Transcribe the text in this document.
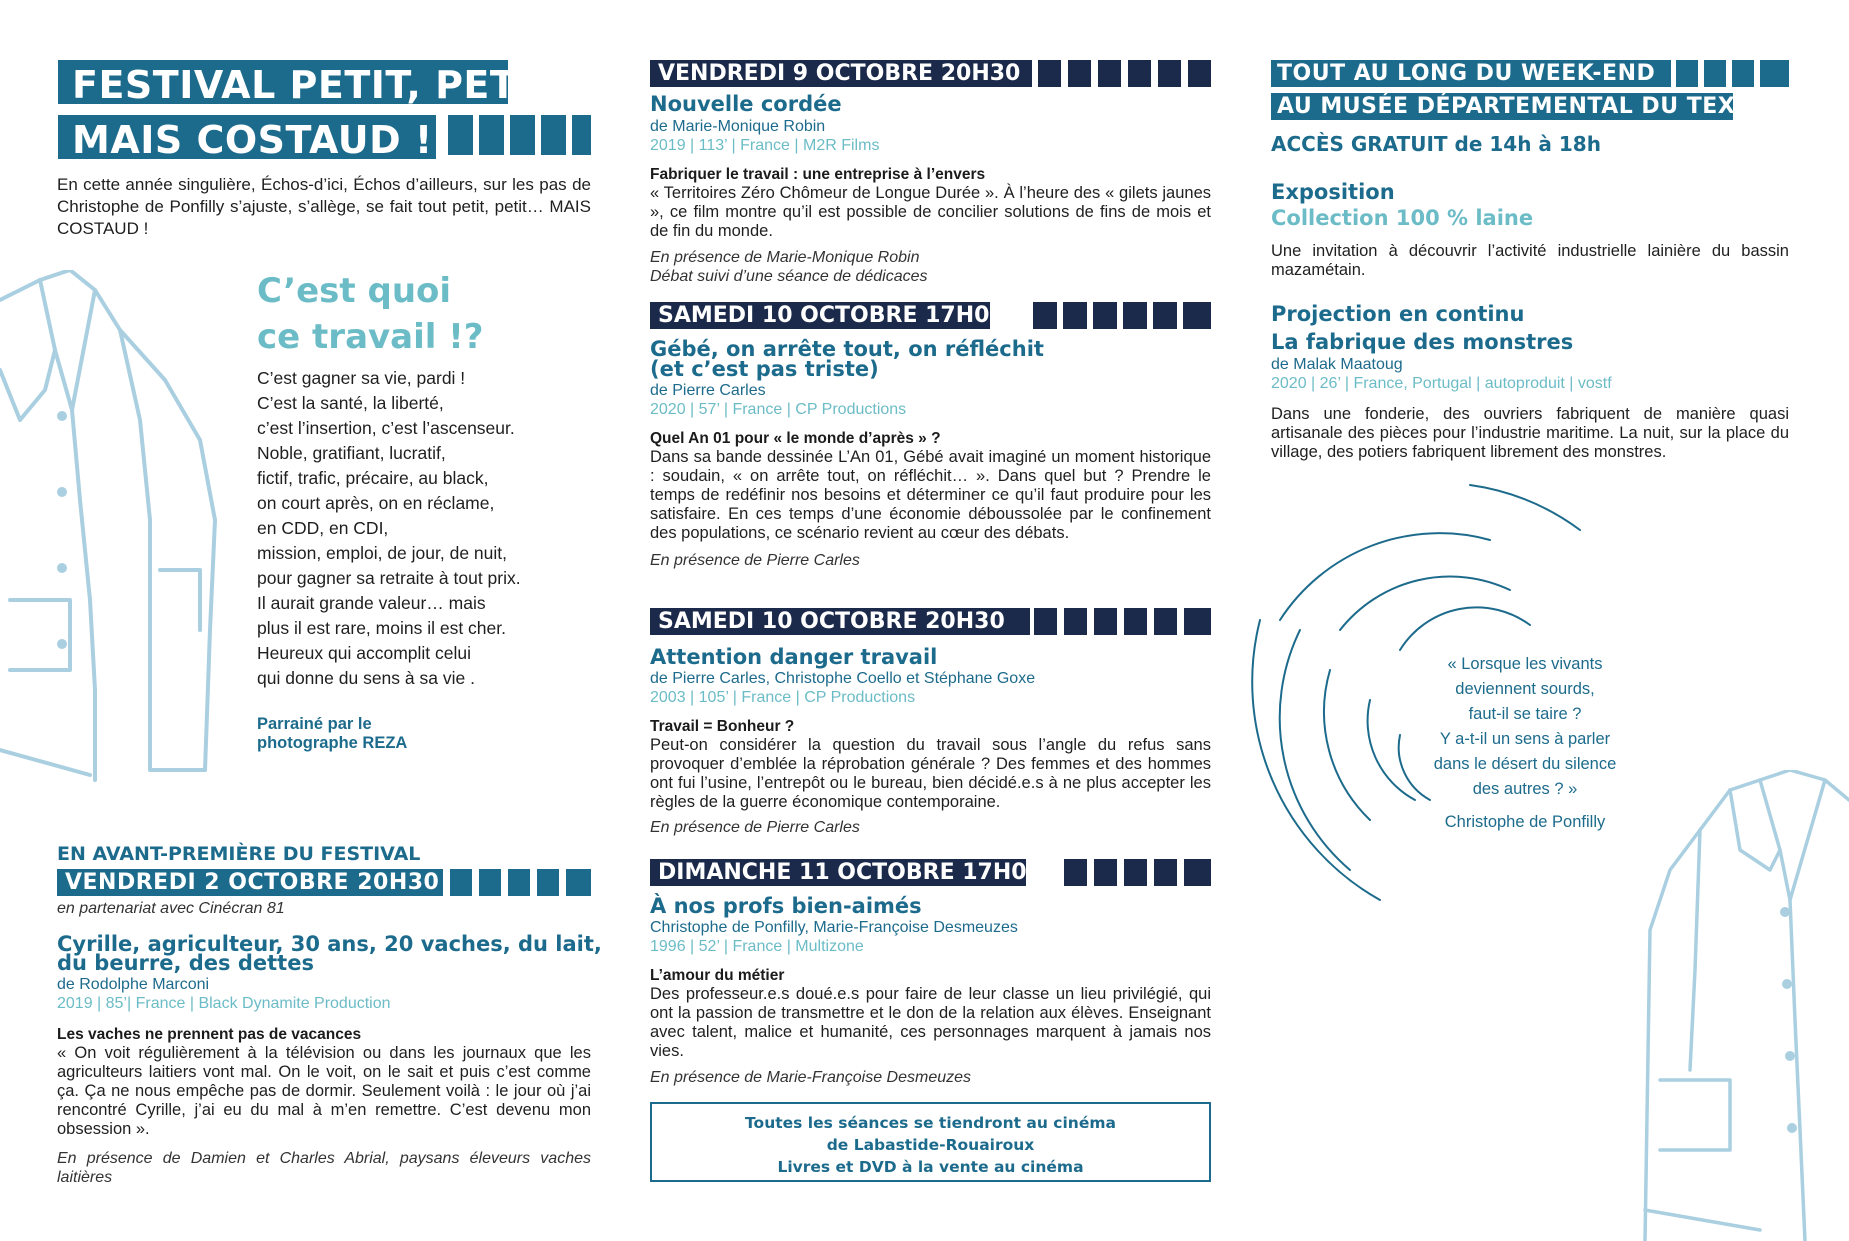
FESTIVAL PETIT, PETIT,
MAIS COSTAUD !
En cette année singulière, Échos-d’ici, Échos d’ailleurs, sur les pas de Christophe de Ponfilly s’ajuste, s’allège, se fait tout petit, petit… MAIS COSTAUD !
C’est quoi
ce travail !?
C’est gagner sa vie, pardi !
C’est la santé, la liberté,
c’est l’insertion, c’est l’ascenseur.
Noble, gratifiant, lucratif,
fictif, trafic, précaire, au black,
on court après, on en réclame,
en CDD, en CDI,
mission, emploi, de jour, de nuit,
pour gagner sa retraite à tout prix.
Il aurait grande valeur… mais
plus il est rare, moins il est cher.
Heureux qui accomplit celui
qui donne du sens à sa vie .
Parrainé par le
photographe REZA
EN AVANT-PREMIÈRE DU FESTIVAL
VENDREDI 2 OCTOBRE 20H30
en partenariat avec Cinécran 81
Cyrille, agriculteur, 30 ans, 20 vaches, du lait,
du beurre, des dettes
de Rodolphe Marconi
2019 | 85’| France | Black Dynamite Production
Les vaches ne prennent pas de vacances
« On voit régulièrement à la télévision ou dans les journaux que les agriculteurs laitiers vont mal. On le voit, on le sait et puis c’est comme ça. Ça ne nous empêche pas de dormir. Seulement voilà : le jour où j’ai rencontré Cyrille, j’ai eu du mal à m’en remettre. C’est devenu mon obsession ».
En présence de Damien et Charles Abrial, paysans éleveurs vaches laitières
VENDREDI 9 OCTOBRE 20H30
Nouvelle cordée
de Marie-Monique Robin
2019 | 113’ | France | M2R Films
Fabriquer le travail : une entreprise à l’envers
« Territoires Zéro Chômeur de Longue Durée ». À l’heure des « gilets jaunes », ce film montre qu’il est possible de concilier solutions de fins de mois et de fin du monde.
En présence de Marie-Monique Robin
Débat suivi d’une séance de dédicaces
SAMEDI 10 OCTOBRE 17H00
Gébé, on arrête tout, on réfléchit
(et c’est pas triste)
de Pierre Carles
2020 | 57’ | France | CP Productions
Quel An 01 pour « le monde d’après » ?
Dans sa bande dessinée L’An 01, Gébé avait imaginé un moment historique : soudain, « on arrête tout, on réfléchit… ». Dans quel but ? Prendre le temps de redéfinir nos besoins et déterminer ce qu’il faut produire pour les satisfaire. En ces temps d’une économie déboussolée par le confinement des populations, ce scénario revient au cœur des débats.
En présence de Pierre Carles
SAMEDI 10 OCTOBRE 20H30
Attention danger travail
de Pierre Carles, Christophe Coello et Stéphane Goxe
2003 | 105’ | France | CP Productions
Travail = Bonheur ?
Peut-on considérer la question du travail sous l’angle du refus sans provoquer d’emblée la réprobation générale ? Des femmes et des hommes ont fui l’usine, l’entrepôt ou le bureau, bien décidé.e.s à ne plus accepter les règles de la guerre économique contemporaine.
En présence de Pierre Carles
DIMANCHE 11 OCTOBRE 17H00
À nos profs bien-aimés
Christophe de Ponfilly, Marie-Françoise Desmeuzes
1996 | 52’ | France | Multizone
L’amour du métier
Des professeur.e.s doué.e.s pour faire de leur classe un lieu privilégié, qui ont la passion de transmettre et le don de la relation aux élèves. Enseignant avec talent, malice et humanité, ces personnages marquent à jamais nos vies.
En présence de Marie-Françoise Desmeuzes
Toutes les séances se tiendront au cinéma
de Labastide-Rouairoux
Livres et DVD à la vente au cinéma
TOUT AU LONG DU WEEK-END
AU MUSÉE DÉPARTEMENTAL DU TEXTILE
ACCÈS GRATUIT de 14h à 18h
Exposition
Collection 100 % laine
Une invitation à découvrir l’activité industrielle lainière du bassin mazamétain.
Projection en continu
La fabrique des monstres
de Malak Maatoug
2020 | 26’ | France, Portugal | autoproduit | vostf
Dans une fonderie, des ouvriers fabriquent de manière quasi artisanale des pièces pour l’industrie maritime. La nuit, sur la place du village, des potiers fabriquent librement des monstres.
« Lorsque les vivants
deviennent sourds,
faut-il se taire ?
Y a-t-il un sens à parler
dans le désert du silence
des autres ? »
Christophe de Ponfilly
